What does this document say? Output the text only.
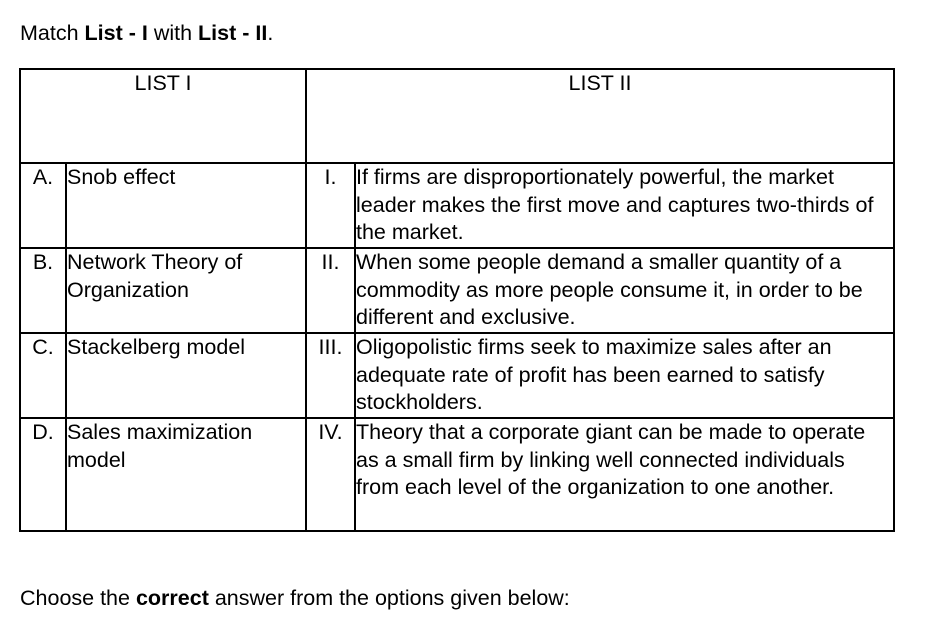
Match List - I with List - II.

LIST I		LIST II	
A.	Snob effect	I.	If firms are disproportionately powerful, the market leader makes the first move and captures two-thirds of the market.
B.	Network Theory of Organization	II.	When some people demand a smaller quantity of a commodity as more people consume it, in order to be different and exclusive.
C.	Stackelberg model	III.	Oligopolistic firms seek to maximize sales after an adequate rate of profit has been earned to satisfy stockholders.
D.	Sales maximization model	IV.	Theory that a corporate giant can be made to operate as a small firm by linking well connected individuals from each level of the organization to one another.

Choose the correct answer from the options given below:
